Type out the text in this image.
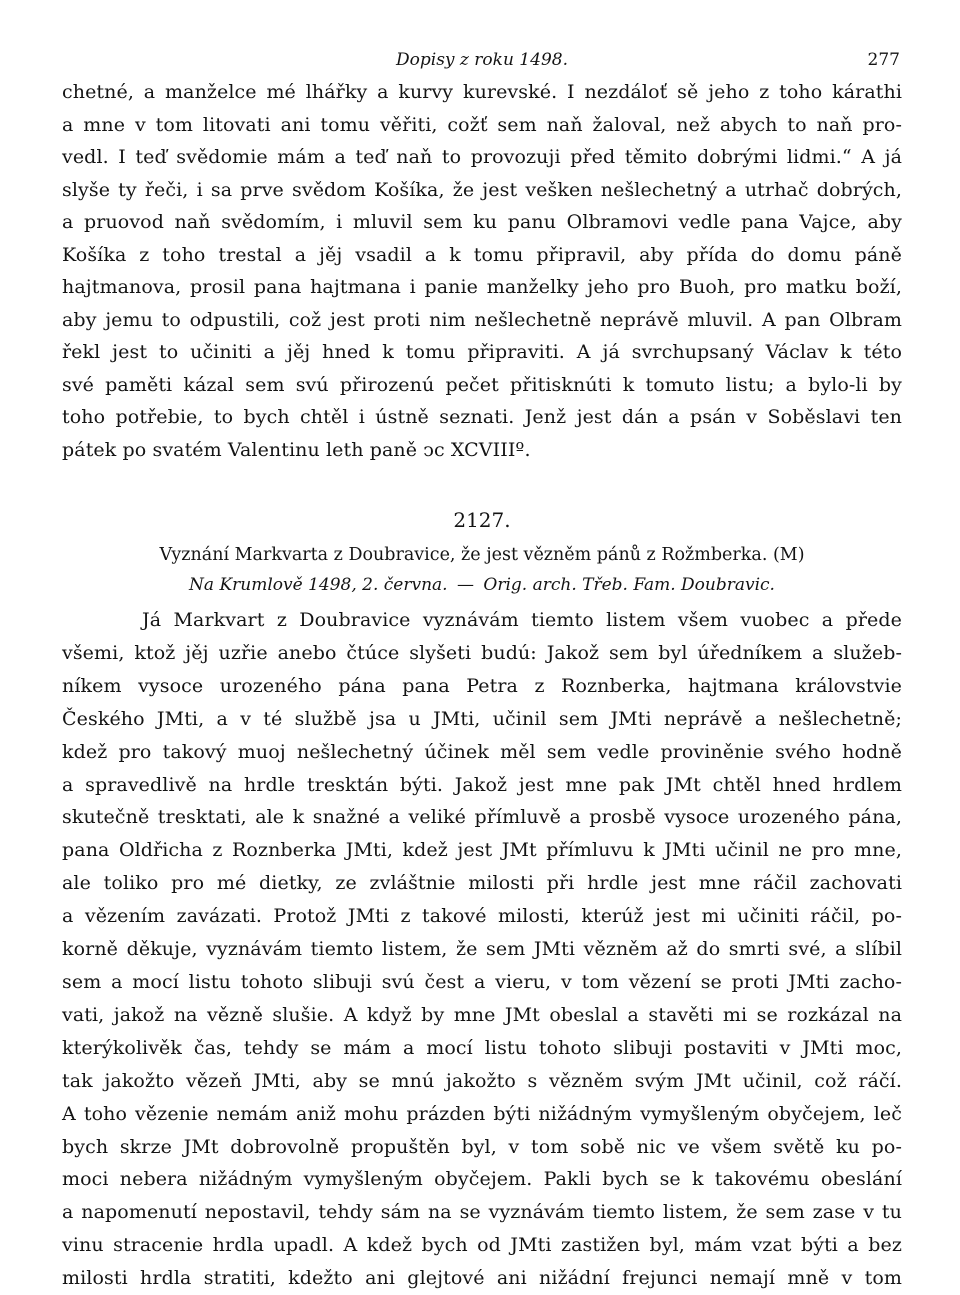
Dopisy z roku 1498.	277

chetné, a manželce mé lhářky a kurvy kurevské. I nezdáloť sě jeho z toho kárathi

a mne v tom litovati ani tomu věřiti, cožť sem naň žaloval, než abych to naň pro-

vedl. I teď svědomie mám a teď naň to provozuji před těmito dobrými lidmi.“ A já

slyše ty řeči, i sa prve svědom Košíka, že jest vešken nešlechetný a utrhač dobrých,

a pruovod naň svědomím, i mluvil sem ku panu Olbramovi vedle pana Vajce, aby

Košíka z toho trestal a jěj vsadil a k tomu připravil, aby přída do domu páně

hajtmanova, prosil pana hajtmana i panie manželky jeho pro Buoh, pro matku boží,

aby jemu to odpustili, což jest proti nim nešlechetně neprávě mluvil. A pan Olbram

řekl jest to učiniti a jěj hned k tomu připraviti. A já svrchupsaný Václav k této

své paměti kázal sem svú přirozenú pečet přitisknúti k tomuto listu; a bylo-li by

toho potřebie, to bych chtěl i ústně seznati. Jenž jest dán a psán v Soběslavi ten

pátek po svatém Valentinu leth paně ͻc XCVIIIº.

2127.
Vyznání Markvarta z Doubravice, že jest vězněm pánů z Rožmberka. (M)
Na Krumlově 1498, 2. června. — Orig. arch. Třeb. Fam. Doubravic.

Já Markvart z Doubravice vyznávám tiemto listem všem vuobec a přede

všemi, ktož jěj uzřie anebo čtúce slyšeti budú: Jakož sem byl úředníkem a služeb-

níkem vysoce urozeného pána pana Petra z Roznberka, hajtmana královstvie

Českého JMti, a v té službě jsa u JMti, učinil sem JMti neprávě a nešlechetně;

kdež pro takový muoj nešlechetný účinek měl sem vedle proviněnie svého hodně

a spravedlivě na hrdle tresktán býti. Jakož jest mne pak JMt chtěl hned hrdlem

skutečně tresktati, ale k snažné a veliké přímluvě a prosbě vysoce urozeného pána,

pana Oldřicha z Roznberka JMti, kdež jest JMt přímluvu k JMti učinil ne pro mne,

ale toliko pro mé dietky, ze zvláštnie milosti při hrdle jest mne ráčil zachovati

a vězením zavázati. Protož JMti z takové milosti, kterúž jest mi učiniti ráčil, po-

korně děkuje, vyznávám tiemto listem, že sem JMti vězněm až do smrti své, a slíbil

sem a mocí listu tohoto slibuji svú čest a vieru, v tom vězení se proti JMti zacho-

vati, jakož na vězně slušie. A když by mne JMt obeslal a stavěti mi se rozkázal na

kterýkolivěk čas, tehdy se mám a mocí listu tohoto slibuji postaviti v JMti moc,

tak jakožto vězeň JMti, aby se mnú jakožto s vězněm svým JMt učinil, což ráčí.

A toho vězenie nemám aniž mohu prázden býti nižádným vymyšleným obyčejem, leč

bych skrze JMt dobrovolně propuštěn byl, v tom sobě nic ve všem světě ku po-

moci nebera nižádným vymyšleným obyčejem. Pakli bych se k takovému obeslání

a napomenutí nepostavil, tehdy sám na se vyznávám tiemto listem, že sem zase v tu

vinu stracenie hrdla upadl. A kdež bych od JMti zastižen byl, mám vzat býti a bez

milosti hrdla stratiti, kdežto ani glejtové ani nižádní frejunci nemají mně v tom
